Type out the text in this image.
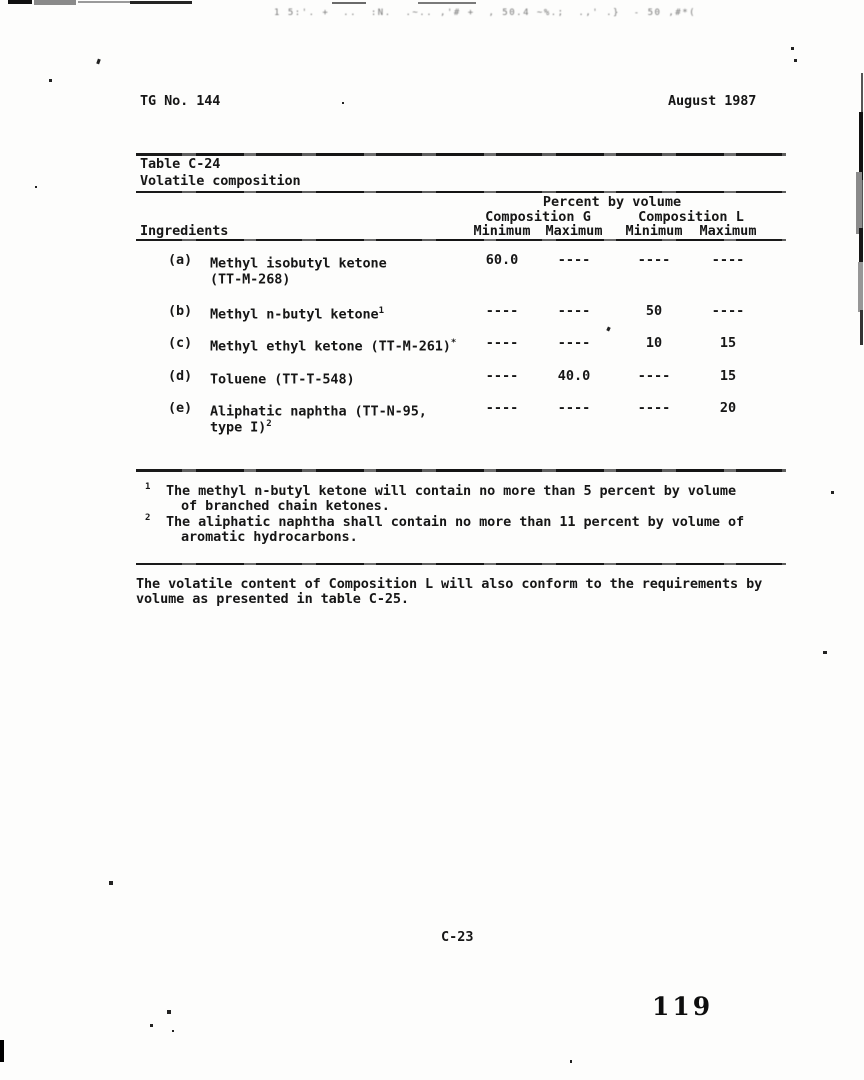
1 5:'. +  ..  :N.  .~.. ,'# +  , 50.4 ~%.;  .,' .}  - 50 ,#*(
TG No. 144	August 1987
Table C-24
Volatile composition
Percent by volume
Composition G	Composition L
Ingredients	Minimum	Maximum	Minimum	Maximum
(a) Methyl isobutyl ketone
(TT-M-268)
60.0	----	----	----
(b) Methyl n-butyl ketone$^1$	----	----	50	----
(c) Methyl ethyl ketone (TT-M-261)*	----	----	10	15
(d) Toluene (TT-T-548)	----	40.0	----	15
(e) Aliphatic naphtha (TT-N-95,
type I)$^2$
----	----	----	20
1 The methyl n-butyl ketone will contain no more than 5 percent by volume
of branched chain ketones.
2 The aliphatic naphtha shall contain no more than 11 percent by volume of
aromatic hydrocarbons.
The volatile content of Composition L will also conform to the requirements by
volume as presented in table C-25.
C-23
119
